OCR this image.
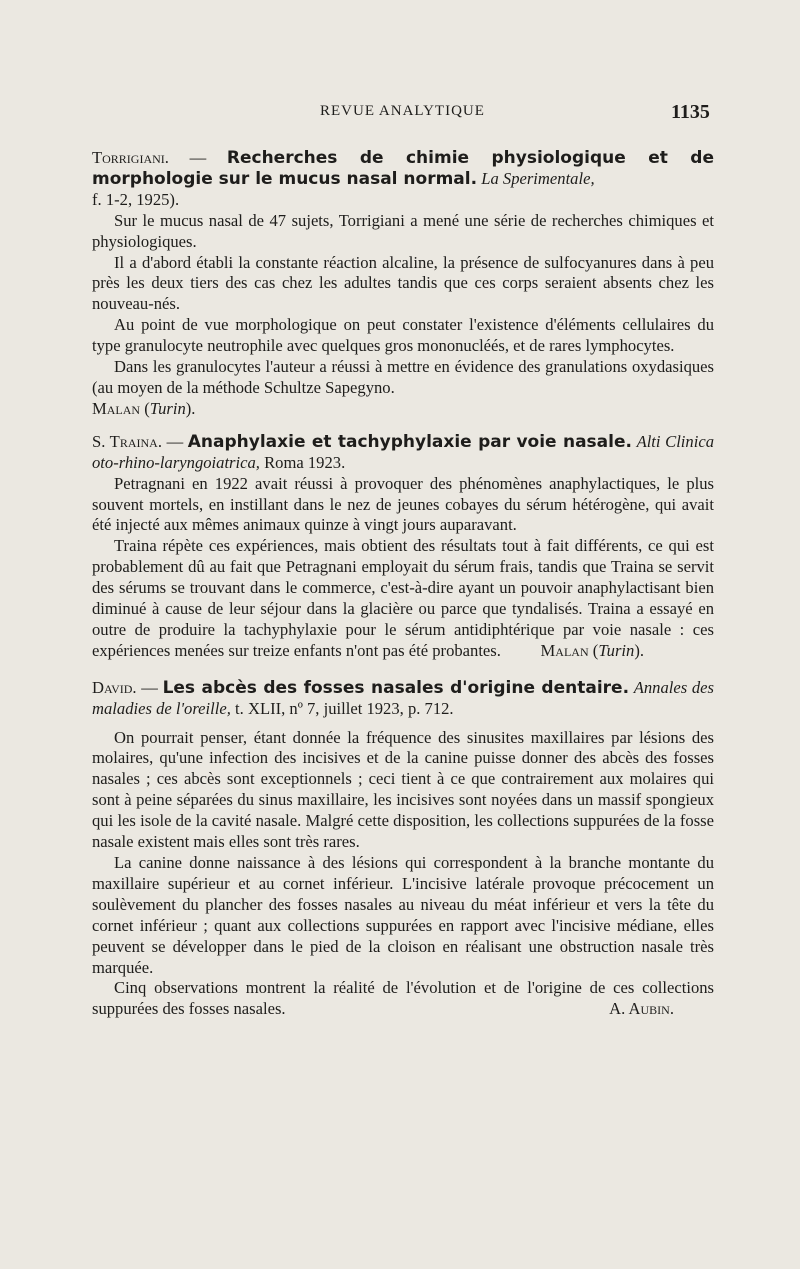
REVUE ANALYTIQUE	1135

Torrigiani. — Recherches de chimie physiologique et de morphologie sur le mucus nasal normal. La Sperimentale,
f. 1-2, 1925).

Sur le mucus nasal de 47 sujets, Torrigiani a mené une série de recherches chimiques et physiologiques.

Il a d'abord établi la constante réaction alcaline, la présence de sulfocyanures dans à peu près les deux tiers des cas chez les adultes tandis que ces corps seraient absents chez les nouveau-nés.

Au point de vue morphologique on peut constater l'existence d'éléments cellulaires du type granulocyte neutrophile avec quelques gros mononucléés, et de rares lymphocytes.

Dans les granulocytes l'auteur a réussi à mettre en évidence des granulations oxydasiques (au moyen de la méthode Schultze Sapegyno.

Malan (Turin).

S. Traina. — Anaphylaxie et tachyphylaxie par voie nasale. Alti Clinica oto-rhino-laryngoiatrica, Roma 1923.

Petragnani en 1922 avait réussi à provoquer des phénomènes anaphylactiques, le plus souvent mortels, en instillant dans le nez de jeunes cobayes du sérum hétérogène, qui avait été injecté aux mêmes animaux quinze à vingt jours auparavant.

Traina répète ces expériences, mais obtient des résultats tout à fait différents, ce qui est probablement dû au fait que Petragnani employait du sérum frais, tandis que Traina se servit des sérums se trouvant dans le commerce, c'est-à-dire ayant un pouvoir anaphylactisant bien diminué à cause de leur séjour dans la glacière ou parce que tyndalisés. Traina a essayé en outre de produire la tachyphylaxie pour le sérum antidiphtérique par voie nasale : ces expériences menées sur treize enfants n'ont pas été probantes.	Malan (Turin).

David. — Les abcès des fosses nasales d'origine dentaire. Annales des maladies de l'oreille, t. XLII, nº 7, juillet 1923, p. 712.

On pourrait penser, étant donnée la fréquence des sinusites maxillaires par lésions des molaires, qu'une infection des incisives et de la canine puisse donner des abcès des fosses nasales ; ces abcès sont exceptionnels ; ceci tient à ce que contrairement aux molaires qui sont à peine séparées du sinus maxillaire, les incisives sont noyées dans un massif spongieux qui les isole de la cavité nasale. Malgré cette disposition, les collections suppurées de la fosse nasale existent mais elles sont très rares.

La canine donne naissance à des lésions qui correspondent à la branche montante du maxillaire supérieur et au cornet inférieur. L'incisive latérale provoque précocement un soulèvement du plancher des fosses nasales au niveau du méat inférieur et vers la tête du cornet inférieur ; quant aux collections suppurées en rapport avec l'incisive médiane, elles peuvent se développer dans le pied de la cloison en réalisant une obstruction nasale très marquée.

Cinq observations montrent la réalité de l'évolution et de l'origine de ces collections suppurées des fosses nasales.	A. Aubin.
